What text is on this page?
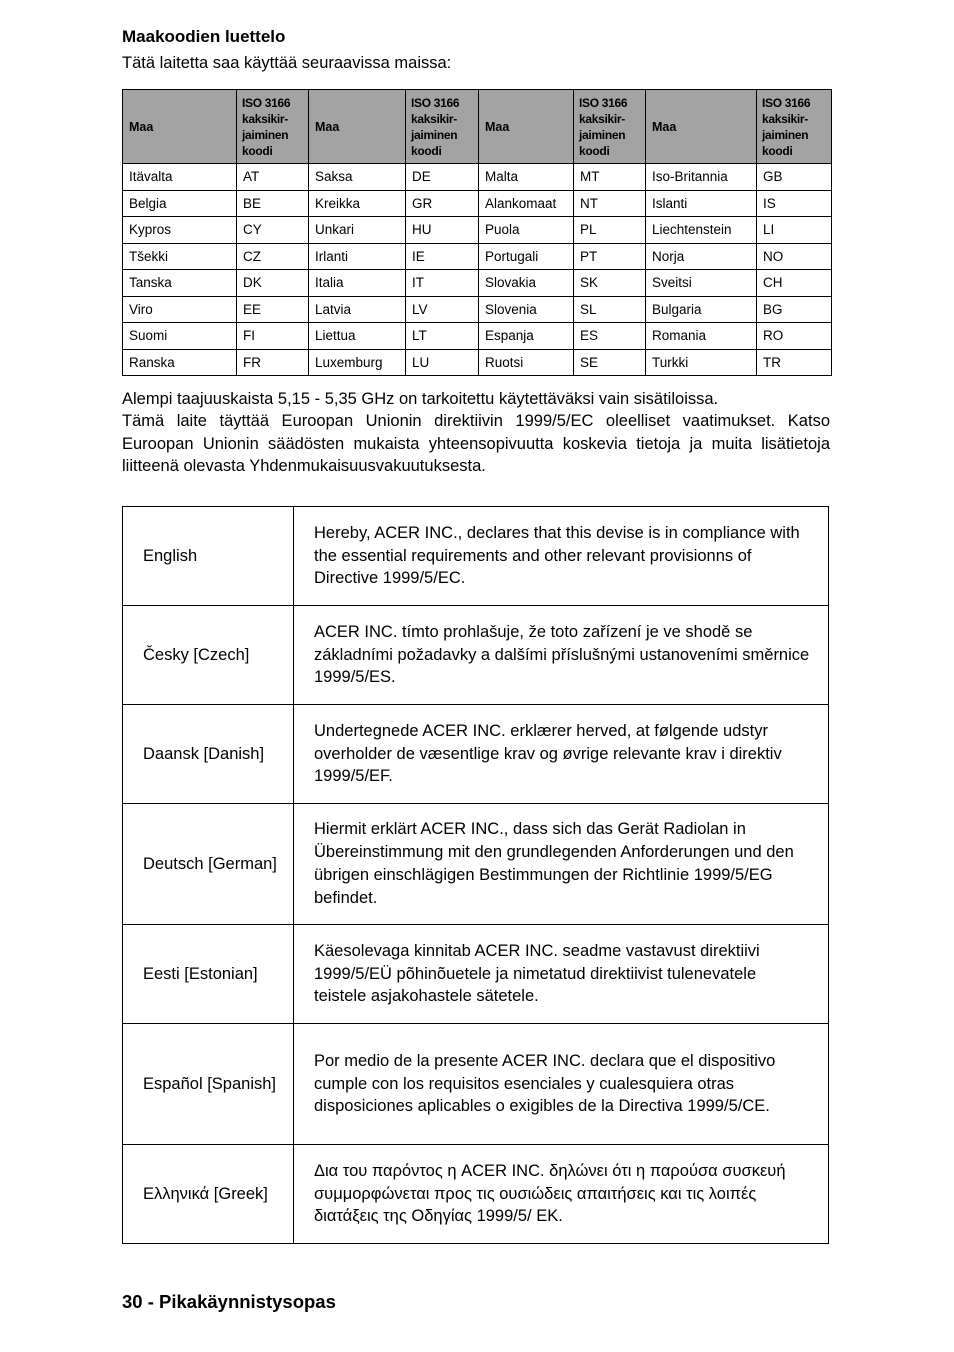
Maakoodien luettelo
Tätä laitetta saa käyttää seuraavissa maissa:
Maa	ISO 3166 kaksikir-jaiminen koodi	Maa	ISO 3166 kaksikir-jaiminen koodi	Maa	ISO 3166 kaksikir-jaiminen koodi	Maa	ISO 3166 kaksikir-jaiminen koodi
Itävalta	AT	Saksa	DE	Malta	MT	Iso-Britannia	GB
Belgia	BE	Kreikka	GR	Alankomaat	NT	Islanti	IS
Kypros	CY	Unkari	HU	Puola	PL	Liechtenstein	LI
Tšekki	CZ	Irlanti	IE	Portugali	PT	Norja	NO
Tanska	DK	Italia	IT	Slovakia	SK	Sveitsi	CH
Viro	EE	Latvia	LV	Slovenia	SL	Bulgaria	BG
Suomi	FI	Liettua	LT	Espanja	ES	Romania	RO
Ranska	FR	Luxemburg	LU	Ruotsi	SE	Turkki	TR
Alempi taajuuskaista 5,15 - 5,35 GHz on tarkoitettu käytettäväksi vain sisätiloissa.
Tämä laite täyttää Euroopan Unionin direktiivin 1999/5/EC oleelliset vaatimukset. Katso Euroopan Unionin säädösten mukaista yhteensopivuutta koskevia tietoja ja muita lisätietoja liitteenä olevasta Yhdenmukaisuusvakuutuksesta.
English	Hereby, ACER INC., declares that this devise is in compliance with the essential requirements and other relevant provisionns of Directive 1999/5/EC.
Česky [Czech]	ACER INC. tímto prohlašuje, že toto zařízení je ve shodě se základními požadavky a dalšími příslušnými ustanoveními směrnice 1999/5/ES.
Daansk [Danish]	Undertegnede ACER INC. erklærer herved, at følgende udstyr overholder de væsentlige krav og øvrige relevante krav i direktiv 1999/5/EF.
Deutsch [German]	Hiermit erklärt ACER INC., dass sich das Gerät Radiolan in Übereinstimmung mit den grundlegenden Anforderungen und den übrigen einschlägigen Bestimmungen der Richtlinie 1999/5/EG befindet.
Eesti [Estonian]	Käesolevaga kinnitab ACER INC. seadme vastavust direktiivi 1999/5/EÜ põhinõuetele ja nimetatud direktiivist tulenevatele teistele asjakohastele sätetele.
Español [Spanish]	Por medio de la presente ACER INC. declara que el dispositivo cumple con los requisitos esenciales y cualesquiera otras disposiciones aplicables o exigibles de la Directiva 1999/5/CE.
Ελληνικά [Greek]	Δια του παρόντος η ACER INC. δηλώνει ότι η παρούσα συσκευή συμμορφώνεται προς τις ουσιώδεις απαιτήσεις και τις λοιπές διατάξεις της Οδηγίας 1999/5/ ΕΚ.
30 - Pikakäynnistysopas
